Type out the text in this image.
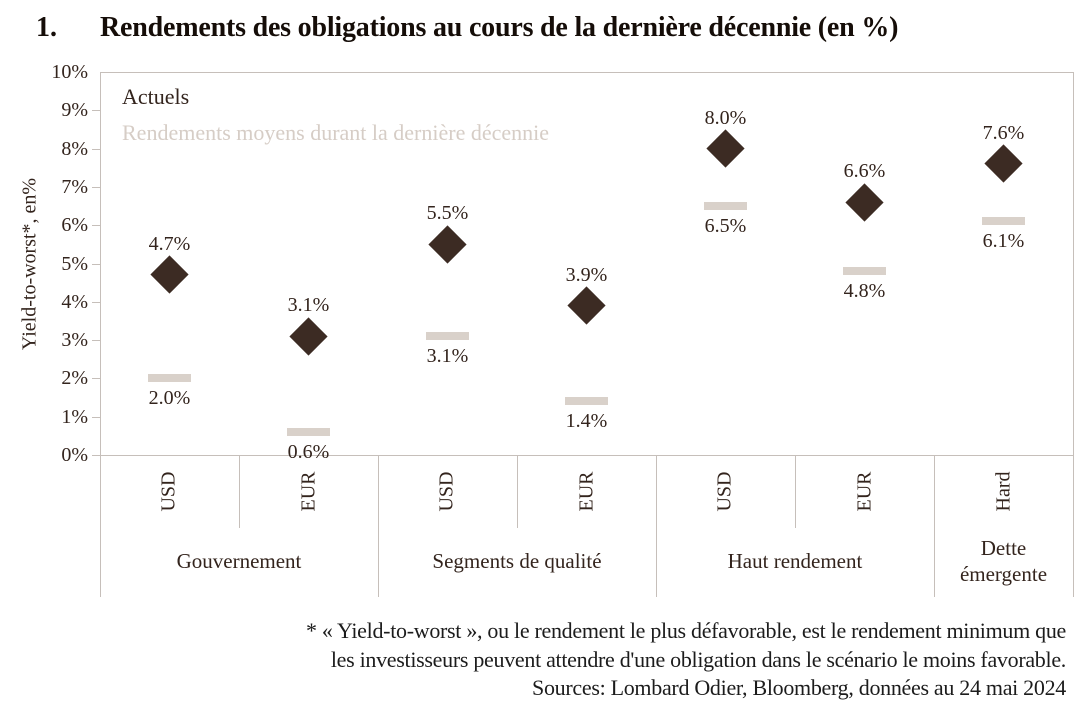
1. Rendements des obligations au cours de la dernière décennie (en %)
Yield-to-worst*, en%
Actuels
Rendements moyens durant la dernière décennie
0%
1%
2%
3%
4%
5%
6%
7%
8%
9%
10%
4.7%
2.0%
3.1%
0.6%
5.5%
3.1%
3.9%
1.4%
8.0%
6.5%
6.6%
4.8%
7.6%
6.1%
USD	EUR	USD	EUR	USD	EUR	Hard
Gouvernement	Segments de qualité	Haut rendement
Dette émergente
* « Yield-to-worst », ou le rendement le plus défavorable, est le rendement minimum que
les investisseurs peuvent attendre d'une obligation dans le scénario le moins favorable.
Sources: Lombard Odier, Bloomberg, données au 24 mai 2024
